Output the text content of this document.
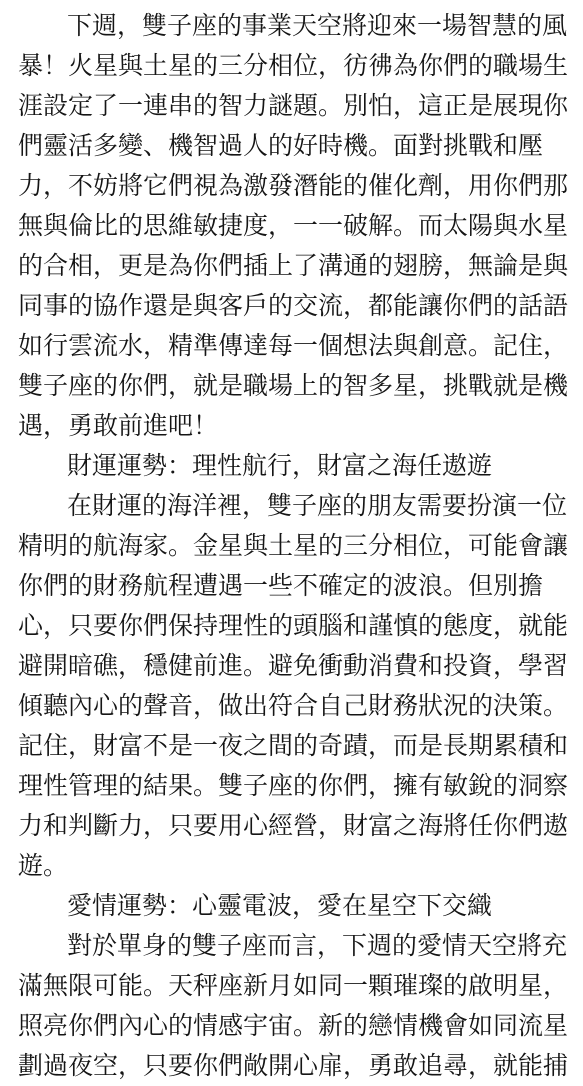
下週，雙子座的事業天空將迎來一場智慧的風
暴！火星與土星的三分相位，彷彿為你們的職場生
涯設定了一連串的智力謎題。別怕，這正是展現你
們靈活多變、機智過人的好時機。面對挑戰和壓
力，不妨將它們視為激發潛能的催化劑，用你們那
無與倫比的思維敏捷度，一一破解。而太陽與水星
的合相，更是為你們插上了溝通的翅膀，無論是與
同事的協作還是與客戶的交流，都能讓你們的話語
如行雲流水，精準傳達每一個想法與創意。記住，
雙子座的你們，就是職場上的智多星，挑戰就是機
遇，勇敢前進吧！
財運運勢：理性航行，財富之海任遨遊
在財運的海洋裡，雙子座的朋友需要扮演一位
精明的航海家。金星與土星的三分相位，可能會讓
你們的財務航程遭遇一些不確定的波浪。但別擔
心，只要你們保持理性的頭腦和謹慎的態度，就能
避開暗礁，穩健前進。避免衝動消費和投資，學習
傾聽內心的聲音，做出符合自己財務狀況的決策。
記住，財富不是一夜之間的奇蹟，而是長期累積和
理性管理的結果。雙子座的你們，擁有敏銳的洞察
力和判斷力，只要用心經營，財富之海將任你們遨
遊。
愛情運勢：心靈電波，愛在星空下交織
對於單身的雙子座而言，下週的愛情天空將充
滿無限可能。天秤座新月如同一顆璀璨的啟明星，
照亮你們內心的情感宇宙。新的戀情機會如同流星
劃過夜空，只要你們敞開心扉，勇敢追尋，就能捕
